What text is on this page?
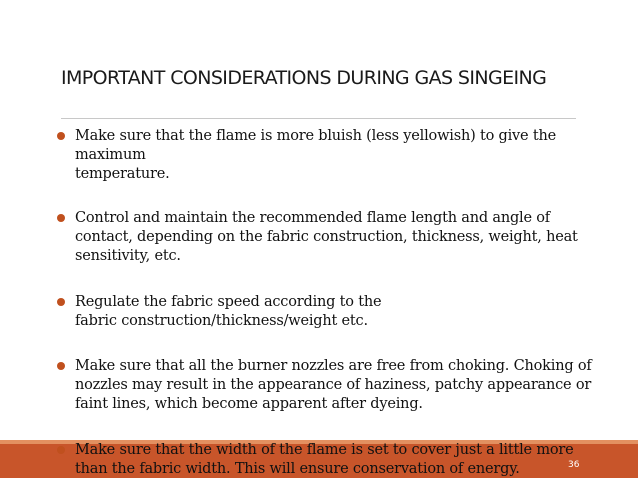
IMPORTANT CONSIDERATIONS DURING GAS SINGEING
Make sure that the flame is more bluish (less yellowish) to give the maximum
temperature.
Control and maintain the recommended flame length and angle of contact, depending on the fabric construction, thickness, weight, heat sensitivity, etc.
Regulate the fabric speed according to the
fabric construction/thickness/weight etc.
Make sure that all the burner nozzles are free from choking. Choking of nozzles may result in the appearance of haziness, patchy appearance or faint lines, which become apparent after dyeing.
Make sure that the width of the flame is set to cover just a little more than the fabric width. This will ensure conservation of energy.	36
